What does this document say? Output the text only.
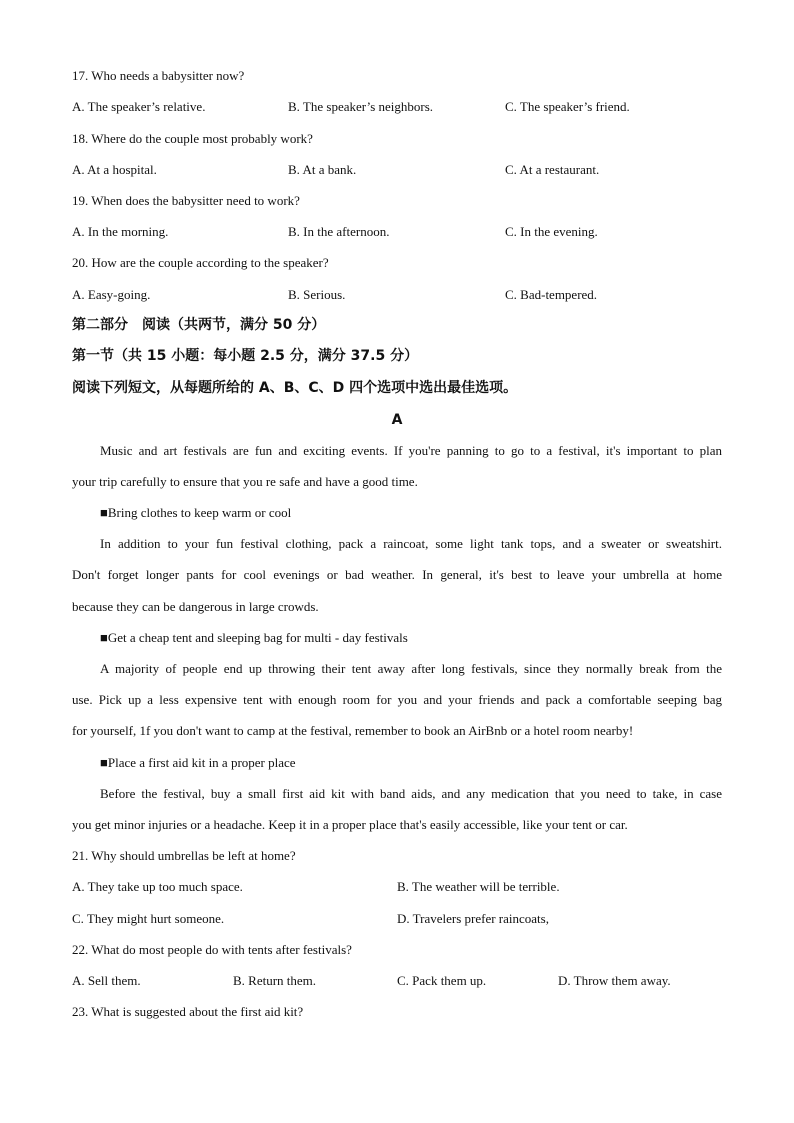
17. Who needs a babysitter now?
A. The speaker’s relative.	B. The speaker’s neighbors.	C. The speaker’s friend.
18. Where do the couple most probably work?
A. At a hospital.	B. At a bank.	C. At a restaurant.
19. When does the babysitter need to work?
A. In the morning.	B. In the afternoon.	C. In the evening.
20. How are the couple according to the speaker?
A. Easy-going.	B. Serious.	C. Bad-tempered.
第二部分　阅读（共两节，满分 50 分）
第一节（共 15 小题：每小题 2.5 分，满分 37.5 分）
阅读下列短文，从每题所给的 A、B、C、D 四个选项中选出最佳选项。
A
Music and art festivals are fun and exciting events. If you're panning to go to a festival, it's important to plan
your trip carefully to ensure that you re safe and have a good time.
■Bring clothes to keep warm or cool
In addition to your fun festival clothing, pack a raincoat, some light tank tops, and a sweater or sweatshirt.
Don't forget longer pants for cool evenings or bad weather. In general, it's best to leave your umbrella at home
because they can be dangerous in large crowds.
■Get a cheap tent and sleeping bag for multi - day festivals
A majority of people end up throwing their tent away after long festivals, since they normally break from the
use. Pick up a less expensive tent with enough room for you and your friends and pack a comfortable seeping bag
for yourself, 1f you don't want to camp at the festival, remember to book an AirBnb or a hotel room nearby!
■Place a first aid kit in a proper place
Before the festival, buy a small first aid kit with band aids, and any medication that you need to take, in case
you get minor injuries or a headache. Keep it in a proper place that's easily accessible, like your tent or car.
21. Why should umbrellas be left at home?
A. They take up too much space.	B. The weather will be terrible.
C. They might hurt someone.	D. Travelers prefer raincoats,
22. What do most people do with tents after festivals?
A. Sell them.	B. Return them.	C. Pack them up.	D. Throw them away.
23. What is suggested about the first aid kit?
